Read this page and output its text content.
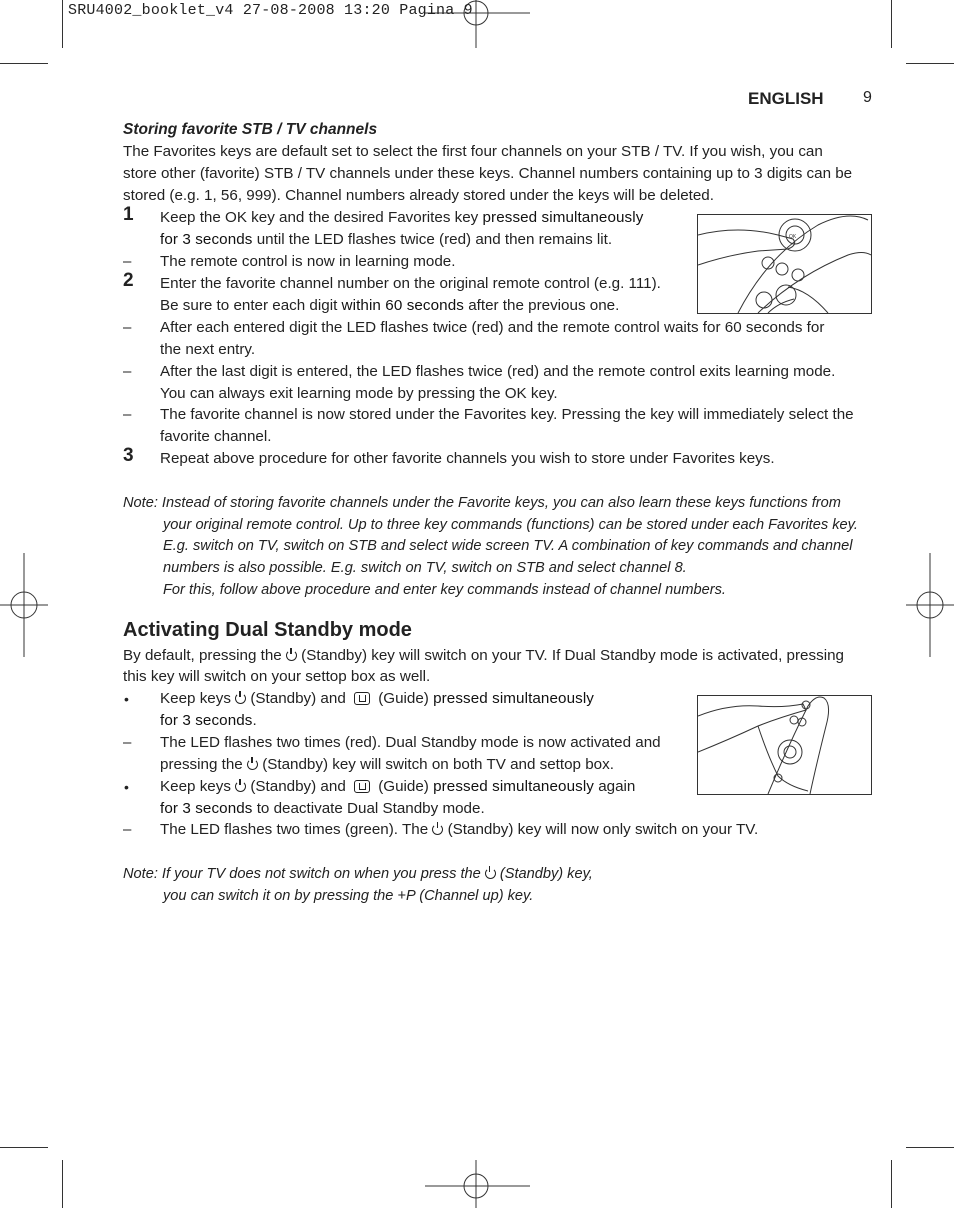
SRU4002_booklet_v4 27-08-2008 13:20 Pagina 9
ENGLISH 9
Storing favorite STB / TV channels
The Favorites keys are default set to select the first four channels on your STB / TV. If you wish, you can
store other (favorite) STB / TV channels under these keys. Channel numbers containing up to 3 digits can be
stored (e.g. 1, 56, 999). Channel numbers already stored under the keys will be deleted.
1 Keep the OK key and the desired Favorites key pressed simultaneously
for 3 seconds until the LED flashes twice (red) and then remains lit.
– The remote control is now in learning mode.
2 Enter the favorite channel number on the original remote control (e.g. 111).
Be sure to enter each digit within 60 seconds after the previous one.
– After each entered digit the LED flashes twice (red) and the remote control waits for 60 seconds for
the next entry.
– After the last digit is entered, the LED flashes twice (red) and the remote control exits learning mode.
You can always exit learning mode by pressing the OK key.
– The favorite channel is now stored under the Favorites key. Pressing the key will immediately select the
favorite channel.
3 Repeat above procedure for other favorite channels you wish to store under Favorites keys.
Note: Instead of storing favorite channels under the Favorite keys, you can also learn these keys functions from
your original remote control. Up to three key commands (functions) can be stored under each Favorites key.
E.g. switch on TV, switch on STB and select wide screen TV. A combination of key commands and channel
numbers is also possible. E.g. switch on TV, switch on STB and select channel 8.
For this, follow above procedure and enter key commands instead of channel numbers.
OK
Activating Dual Standby mode
By default, pressing the  (Standby) key will switch on your TV. If Dual Standby mode is activated, pressing
this key will switch on your settop box as well.
• Keep keys  (Standby) and  (Guide) pressed simultaneously
for 3 seconds.
– The LED flashes two times (red). Dual Standby mode is now activated and
pressing the  (Standby) key will switch on both TV and settop box.
• Keep keys  (Standby) and  (Guide) pressed simultaneously again
for 3 seconds to deactivate Dual Standby mode.
– The LED flashes two times (green). The  (Standby) key will now only switch on your TV.
Note: If your TV does not switch on when you press the  (Standby) key,
you can switch it on by pressing the +P (Channel up) key.
